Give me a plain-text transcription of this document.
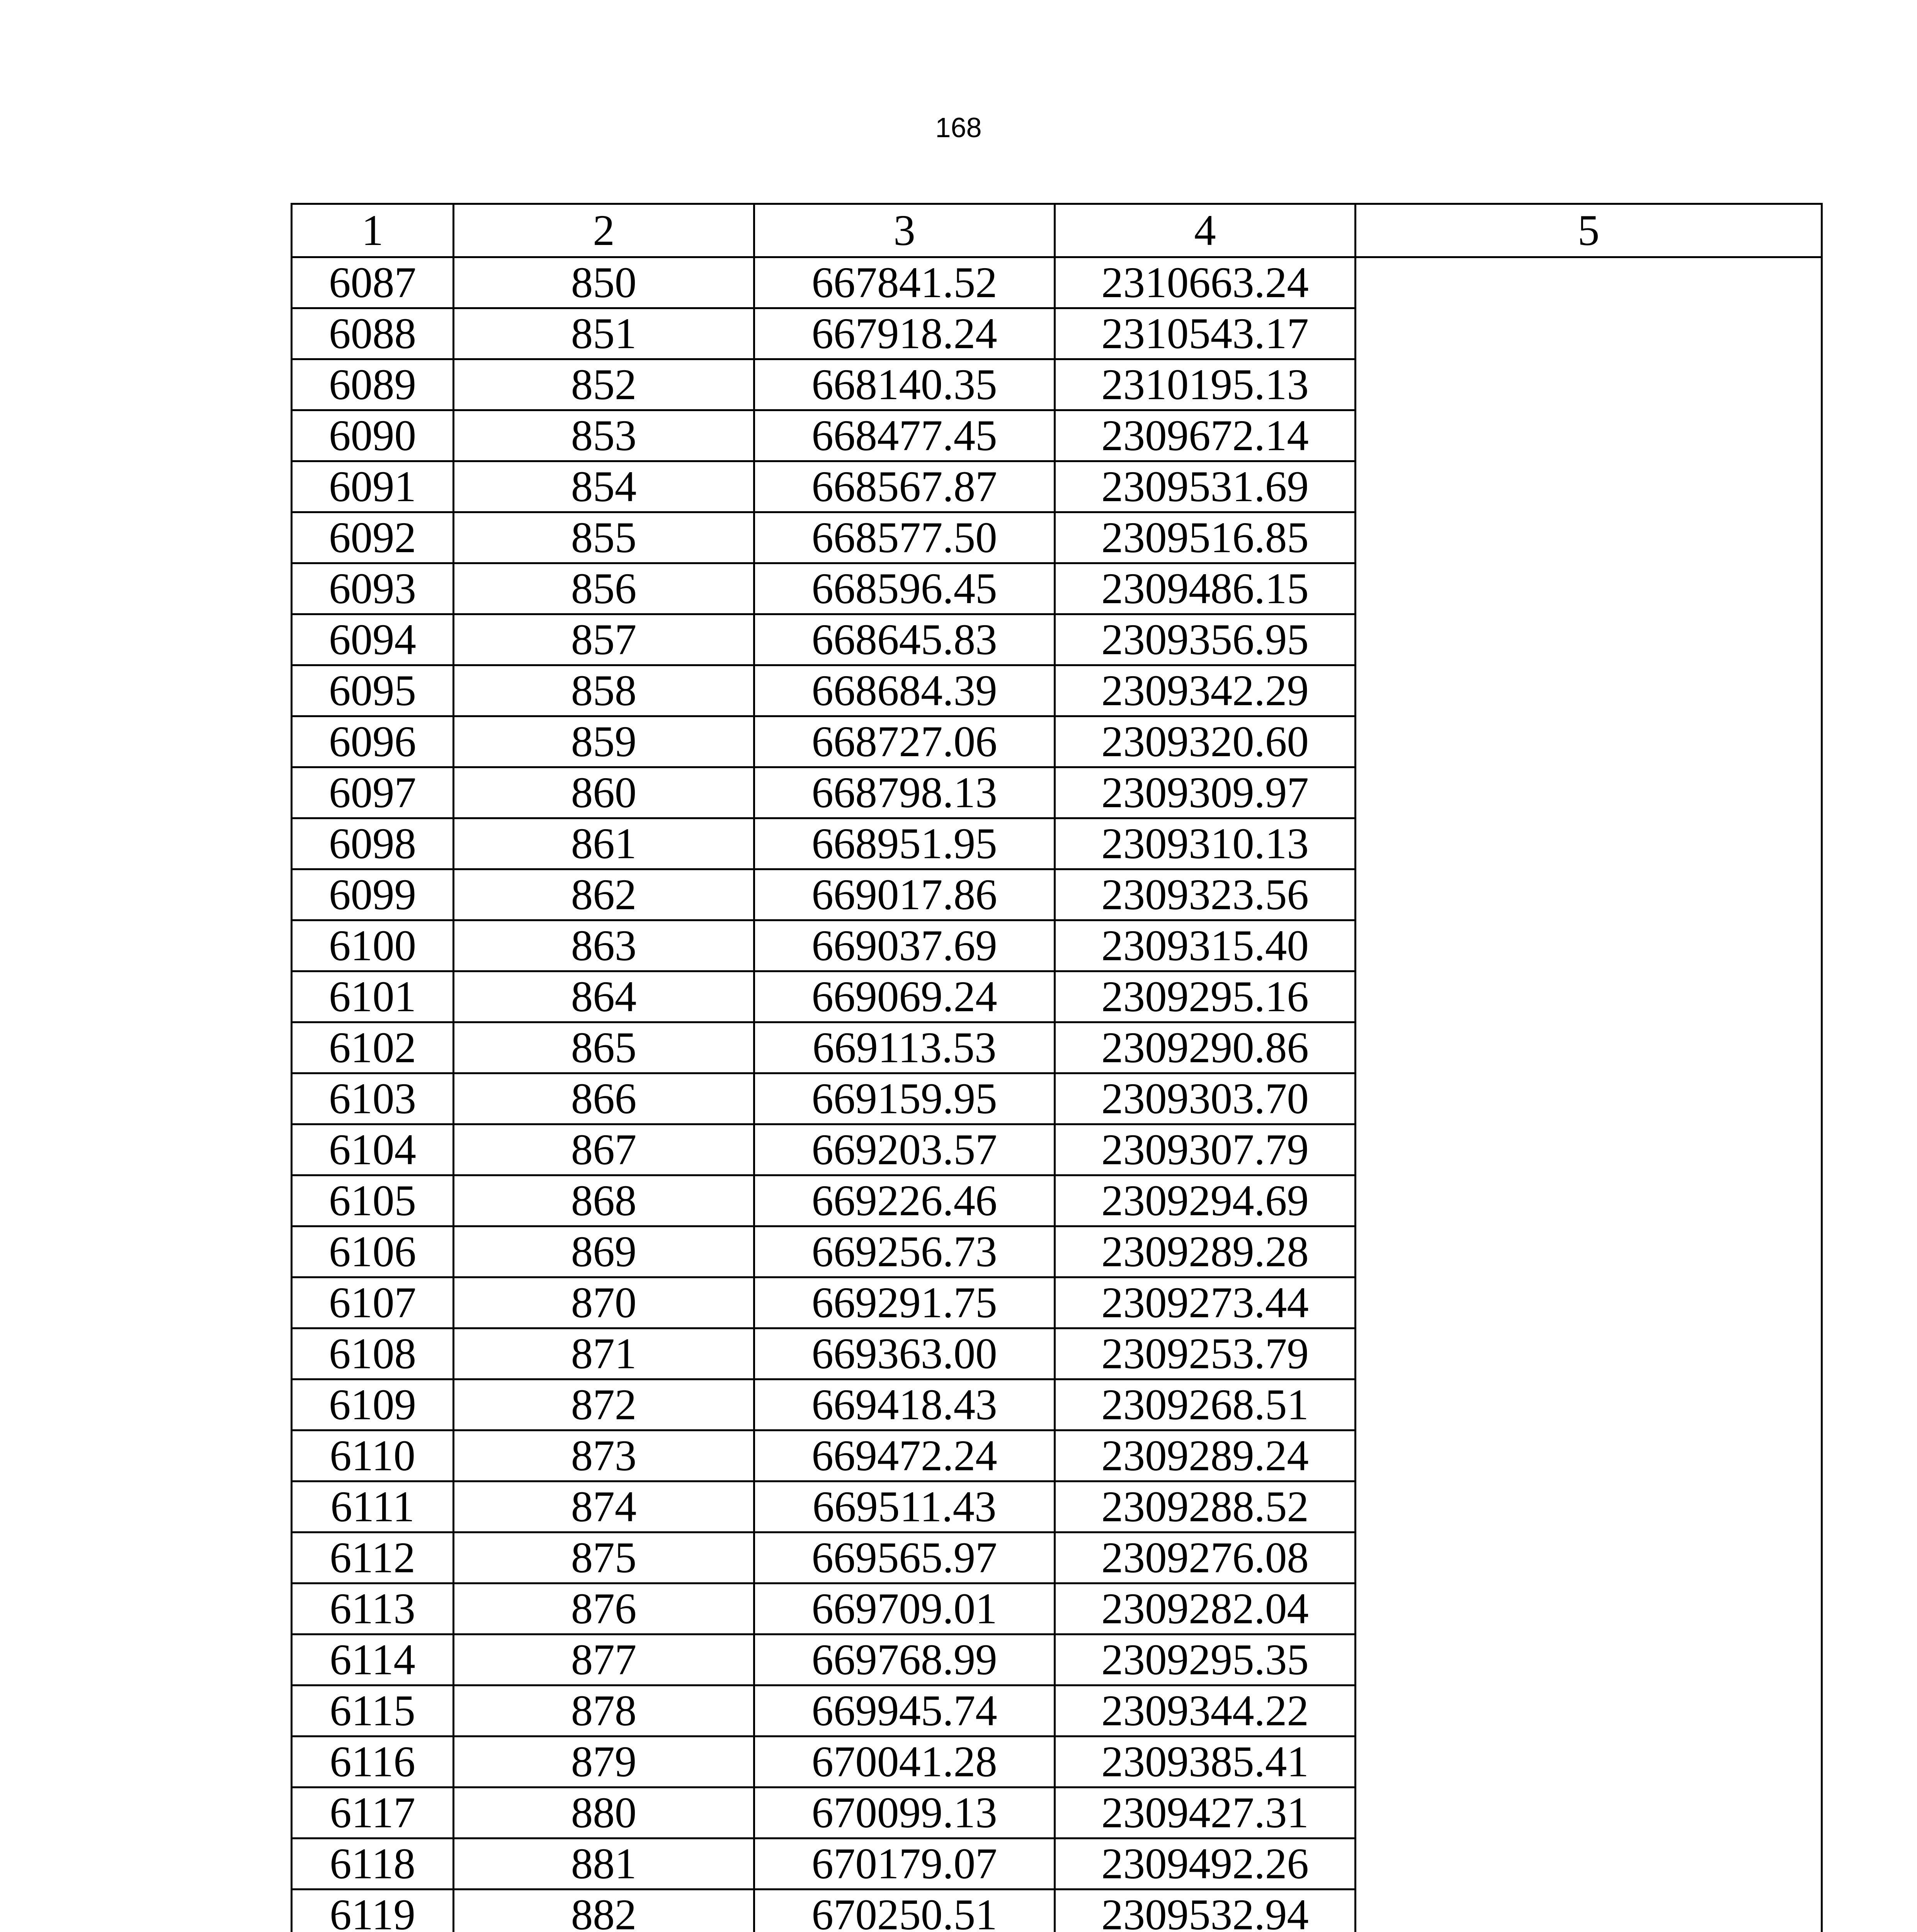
168
1	2	3	4	5
6087	850	667841.52	2310663.24	
6088	851	667918.24	2310543.17	
6089	852	668140.35	2310195.13	
6090	853	668477.45	2309672.14	
6091	854	668567.87	2309531.69	
6092	855	668577.50	2309516.85	
6093	856	668596.45	2309486.15	
6094	857	668645.83	2309356.95	
6095	858	668684.39	2309342.29	
6096	859	668727.06	2309320.60	
6097	860	668798.13	2309309.97	
6098	861	668951.95	2309310.13	
6099	862	669017.86	2309323.56	
6100	863	669037.69	2309315.40	
6101	864	669069.24	2309295.16	
6102	865	669113.53	2309290.86	
6103	866	669159.95	2309303.70	
6104	867	669203.57	2309307.79	
6105	868	669226.46	2309294.69	
6106	869	669256.73	2309289.28	
6107	870	669291.75	2309273.44	
6108	871	669363.00	2309253.79	
6109	872	669418.43	2309268.51	
6110	873	669472.24	2309289.24	
6111	874	669511.43	2309288.52	
6112	875	669565.97	2309276.08	
6113	876	669709.01	2309282.04	
6114	877	669768.99	2309295.35	
6115	878	669945.74	2309344.22	
6116	879	670041.28	2309385.41	
6117	880	670099.13	2309427.31	
6118	881	670179.07	2309492.26	
6119	882	670250.51	2309532.94	
